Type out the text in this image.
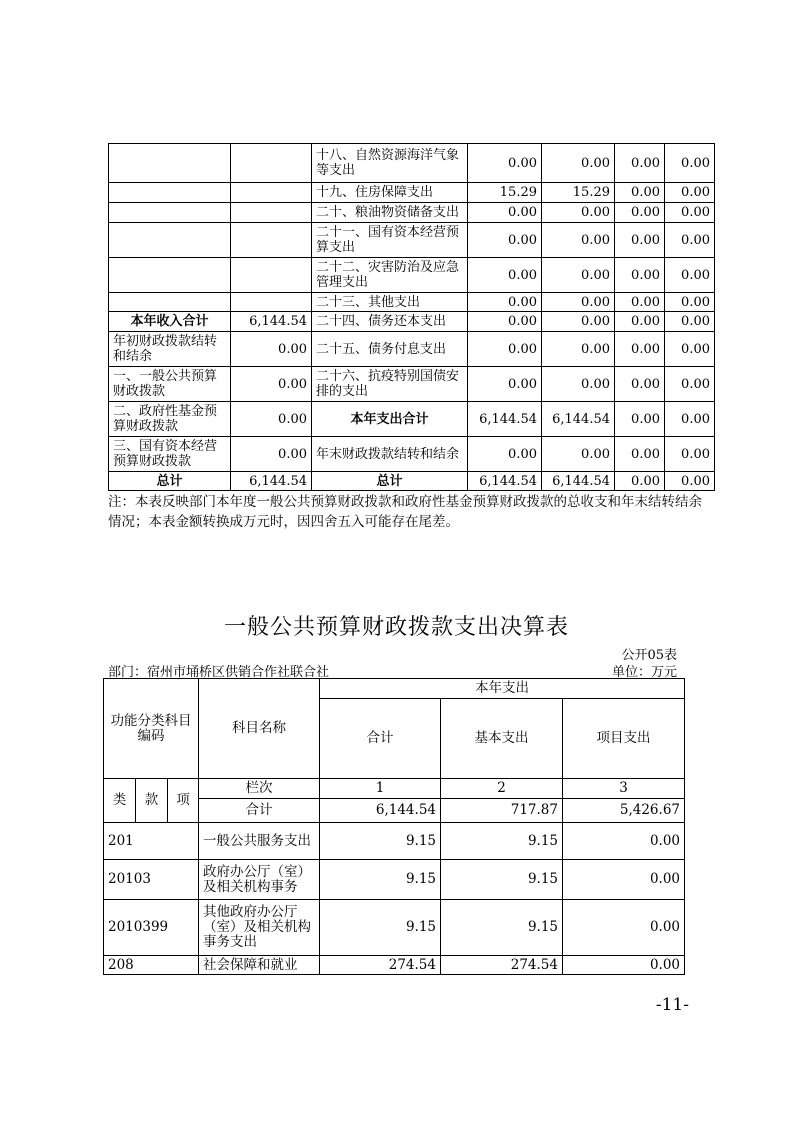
		十八、自然资源海洋气象等支出	0.00	0.00	0.00	0.00
		十九、住房保障支出	15.29	15.29	0.00	0.00
		二十、粮油物资储备支出	0.00	0.00	0.00	0.00
		二十一、国有资本经营预算支出	0.00	0.00	0.00	0.00
		二十二、灾害防治及应急管理支出	0.00	0.00	0.00	0.00
		二十三、其他支出	0.00	0.00	0.00	0.00
本年收入合计	6,144.54	二十四、债务还本支出	0.00	0.00	0.00	0.00
年初财政拨款结转和结余	0.00	二十五、债务付息支出	0.00	0.00	0.00	0.00
一、一般公共预算财政拨款	0.00	二十六、抗疫特别国债安排的支出	0.00	0.00	0.00	0.00
二、政府性基金预算财政拨款	0.00	本年支出合计	6,144.54	6,144.54	0.00	0.00
三、国有资本经营预算财政拨款	0.00	年末财政拨款结转和结余	0.00	0.00	0.00	0.00
总计	6,144.54	总计	6,144.54	6,144.54	0.00	0.00
注：本表反映部门本年度一般公共预算财政拨款和政府性基金预算财政拨款的总收支和年末结转结余情况；本表金额转换成万元时，因四舍五入可能存在尾差。
一般公共预算财政拨款支出决算表
公开05表
部门：宿州市埇桥区供销合作社联合社	单位：万元
功能分类科目编码			科目名称	本年支出		
				合计	基本支出	项目支出

类	款	项	栏次	1	2	3
			合计	6,144.54	717.87	5,426.67
201			一般公共服务支出	9.15	9.15	0.00
20103			政府办公厅（室）及相关机构事务	9.15	9.15	0.00
2010399			其他政府办公厅（室）及相关机构事务支出	9.15	9.15	0.00
208			社会保障和就业	274.54	274.54	0.00
-11-
